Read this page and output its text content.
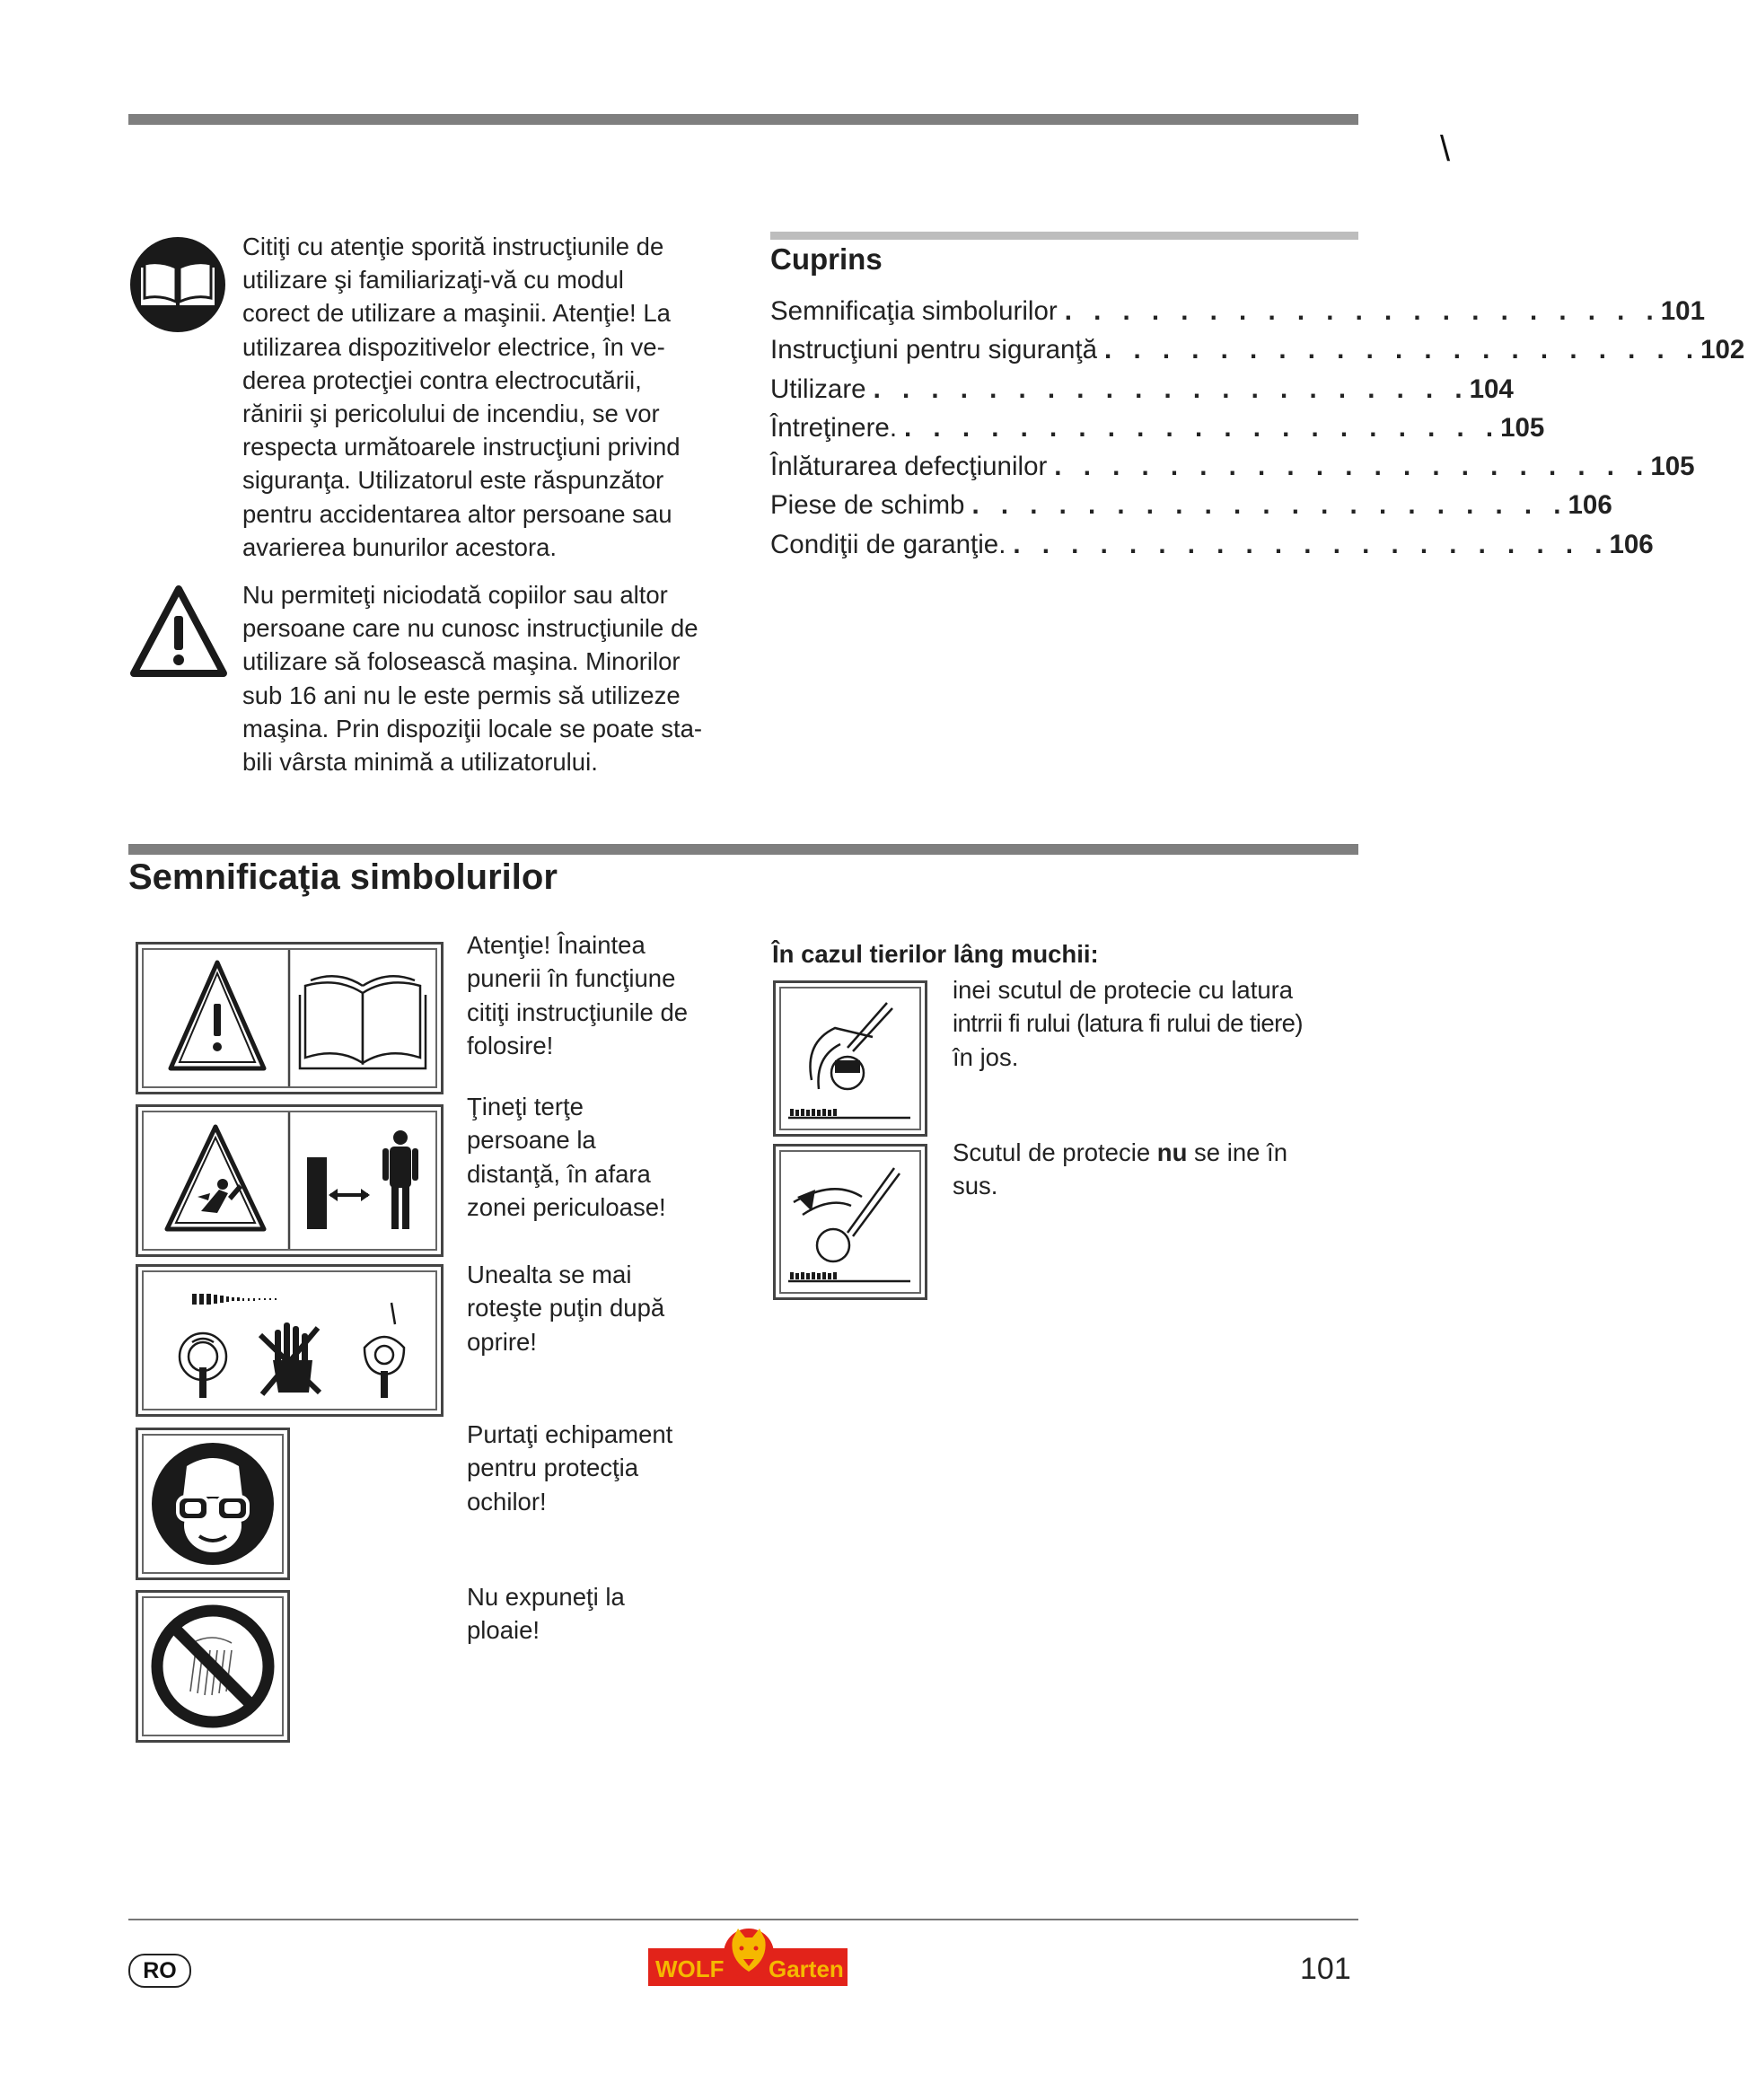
\
Citiţi cu atenţie sporită instrucţiunile de
utilizare şi familiarizaţi-vă cu modul
corect de utilizare a maşinii. Atenţie! La
utilizarea dispozitivelor electrice, în ve-
derea protecţiei contra electrocutării,
rănirii şi pericolului de incendiu, se vor
respecta următoarele instrucţiuni privind
siguranţa. Utilizatorul este răspunzător
pentru accidentarea altor persoane sau
avarierea bunurilor acestora.
Nu permiteţi niciodată copiilor sau altor
persoane care nu cunosc instrucţiunile de
utilizare să folosească maşina. Minorilor
sub 16 ani nu le este permis să utilizeze
maşina. Prin dispoziţii locale se poate sta-
bili vârsta minimă a utilizatorului.
Cuprins
Semnificaţia simbolurilor . . . . . . . . . . . . . . . . . . . . . 101
Instrucţiuni pentru siguranţă . . . . . . . . . . . . . . . . . . . . . 102
Utilizare . . . . . . . . . . . . . . . . . . . . . 104
Întreţinere. . . . . . . . . . . . . . . . . . . . . . 105
Înlăturarea defecţiunilor . . . . . . . . . . . . . . . . . . . . . 105
Piese de schimb . . . . . . . . . . . . . . . . . . . . . 106
Condiţii de garanţie. . . . . . . . . . . . . . . . . . . . . . 106
Semnificaţia simbolurilor
Atenţie! Înaintea
punerii în funcţiune
citiţi instrucţiunile de
folosire!
Ţineţi terţe
persoane la
distanţă, în afara
zonei periculoase!
Unealta se mai
roteşte puţin după
oprire!
Purtaţi echipament
pentru protecţia
ochilor!
Nu expuneţi la
ploaie!
În cazul tierilor lâng muchii:
inei scutul de protecie cu latura
intrrii fi rului (latura fi rului de tiere)
în jos.
Scutul de protecie nu se ine în
sus.
RO	WOLF Garten	101
